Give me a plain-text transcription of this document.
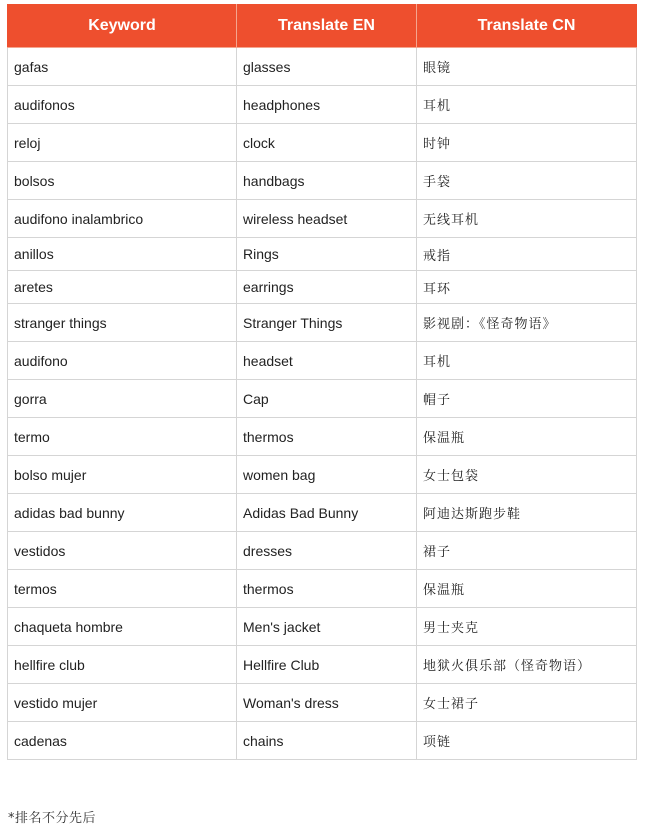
Keyword	Translate EN	Translate CN
gafas	glasses	眼镜
audifonos	headphones	耳机
reloj	clock	时钟
bolsos	handbags	手袋
audifono inalambrico	wireless headset	无线耳机
anillos	Rings	戒指
aretes	earrings	耳环
stranger things	Stranger Things	影视剧：《怪奇物语》
audifono	headset	耳机
gorra	Cap	帽子
termo	thermos	保温瓶
bolso mujer	women bag	女士包袋
adidas bad bunny	Adidas Bad Bunny	阿迪达斯跑步鞋
vestidos	dresses	裙子
termos	thermos	保温瓶
chaqueta hombre	Men's jacket	男士夹克
hellfire club	Hellfire Club	地狱火俱乐部（怪奇物语）
vestido mujer	Woman's dress	女士裙子
cadenas	chains	项链
*排名不分先后
